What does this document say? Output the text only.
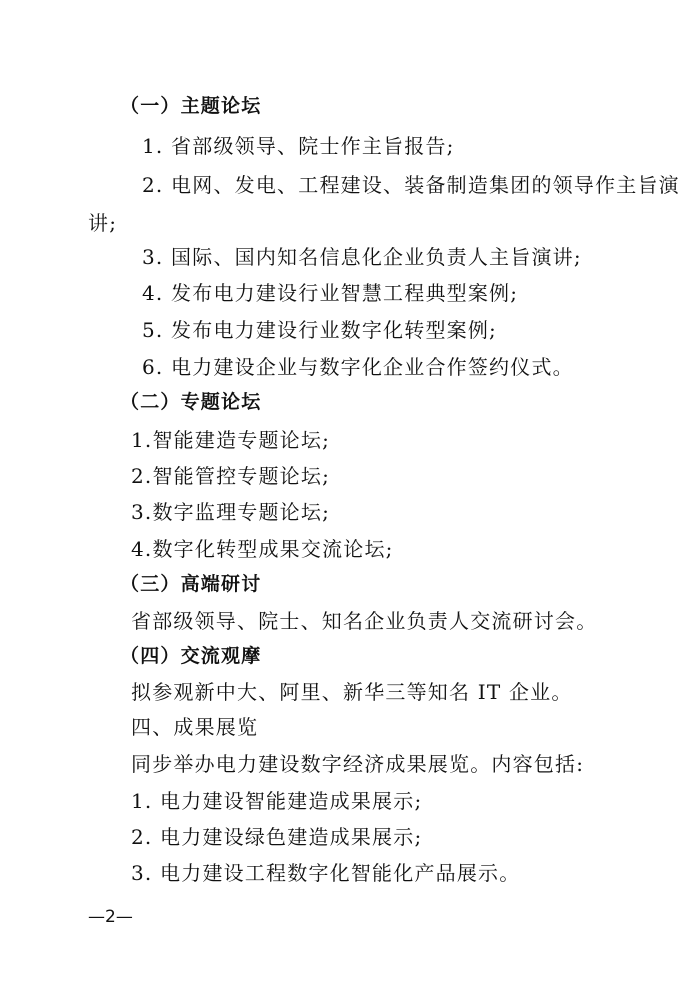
（一）主题论坛
1. 省部级领导、院士作主旨报告;
2. 电网、发电、工程建设、装备制造集团的领导作主旨演
讲;
3. 国际、国内知名信息化企业负责人主旨演讲;
4. 发布电力建设行业智慧工程典型案例;
5. 发布电力建设行业数字化转型案例;
6. 电力建设企业与数字化企业合作签约仪式。
（二）专题论坛
1.智能建造专题论坛;
2.智能管控专题论坛;
3.数字监理专题论坛;
4.数字化转型成果交流论坛;
（三）高端研讨
省部级领导、院士、知名企业负责人交流研讨会。
（四）交流观摩
拟参观新中大、阿里、新华三等知名 IT 企业。
四、成果展览
同步举办电力建设数字经济成果展览。内容包括:
1. 电力建设智能建造成果展示;
2. 电力建设绿色建造成果展示;
3. 电力建设工程数字化智能化产品展示。
—2—
